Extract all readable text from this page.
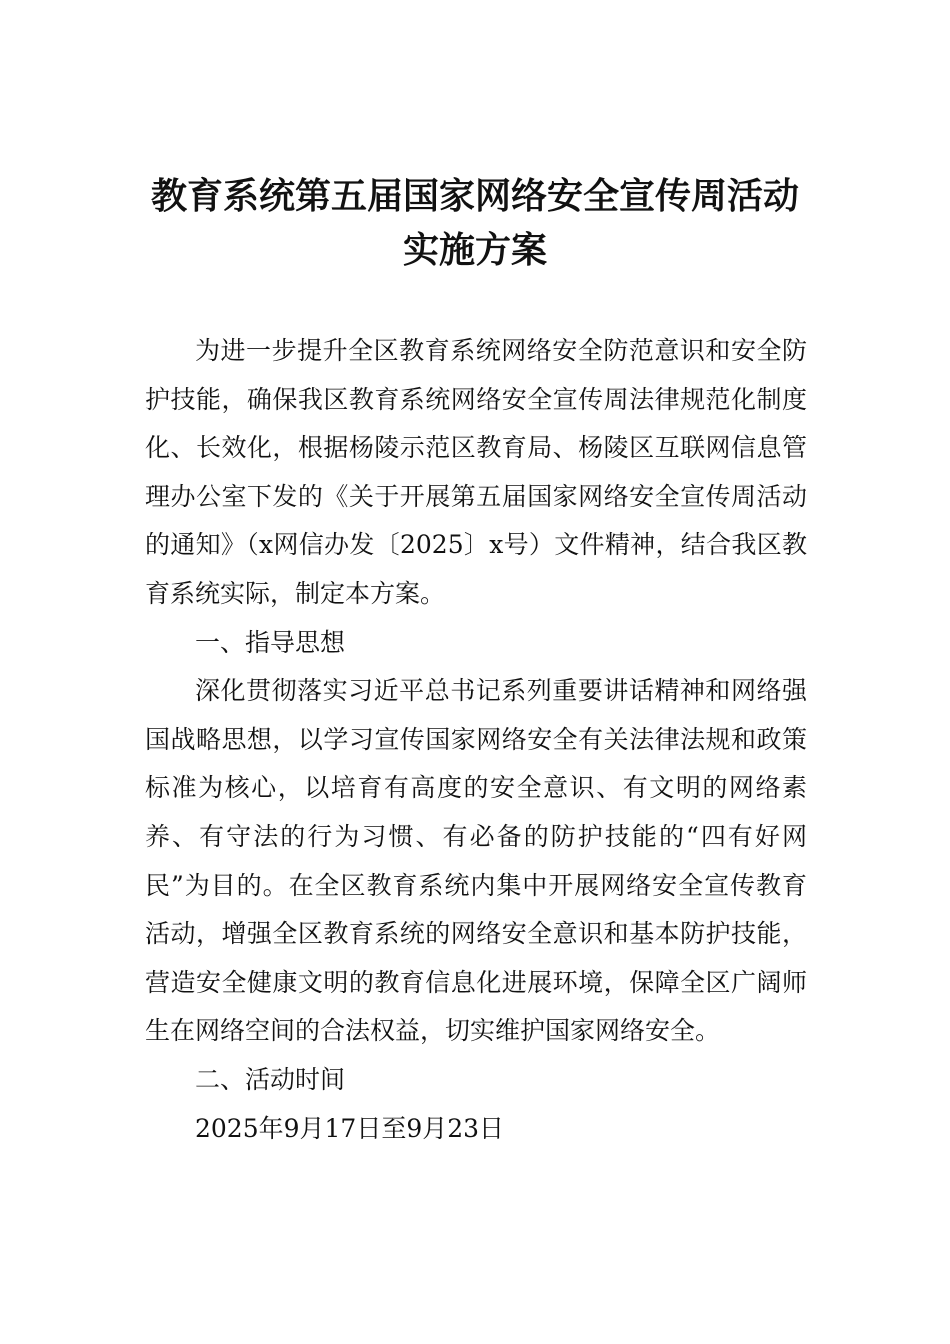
教育系统第五届国家网络安全宣传周活动
实施方案

为进一步提升全区教育系统网络安全防范意识和安全防护技能，确保我区教育系统网络安全宣传周法律规范化制度化、长效化，根据杨陵示范区教育局、杨陵区互联网信息管理办公室下发的《关于开展第五届国家网络安全宣传周活动的通知》（x网信办发〔2025〕x号）文件精神，结合我区教育系统实际，制定本方案。

一、指导思想

深化贯彻落实习近平总书记系列重要讲话精神和网络强国战略思想，以学习宣传国家网络安全有关法律法规和政策标准为核心，以培育有高度的安全意识、有文明的网络素养、有守法的行为习惯、有必备的防护技能的“四有好网民”为目的。在全区教育系统内集中开展网络安全宣传教育活动，增强全区教育系统的网络安全意识和基本防护技能，营造安全健康文明的教育信息化进展环境，保障全区广阔师生在网络空间的合法权益，切实维护国家网络安全。

二、活动时间

2025年9月17日至9月23日
